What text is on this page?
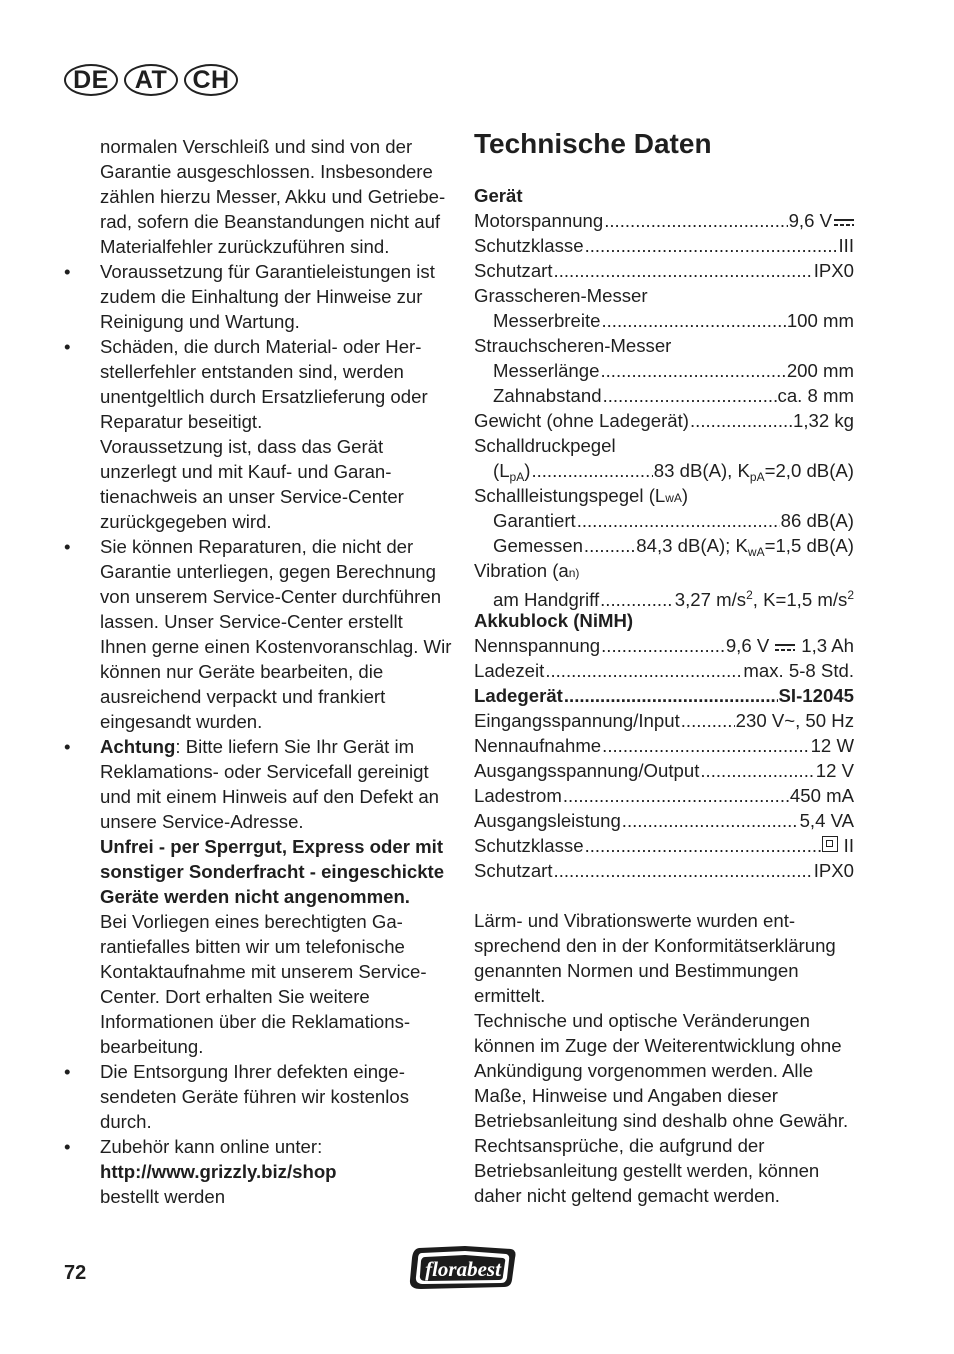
DE	AT	CH

normalen Verschleiß und sind von der Garantie ausgeschlossen. Insbesondere zählen hierzu Messer, Akku und Getrieberad, sofern die Beanstandungen nicht auf Materialfehler zurückzuführen sind.

• Voraussetzung für Garantieleistungen ist zudem die Einhaltung der Hinweise zur Reinigung und Wartung.

• Schäden, die durch Material- oder Herstellerfehler entstanden sind, werden unentgeltlich durch Ersatzlieferung oder Reparatur beseitigt.

Voraussetzung ist, dass das Gerät unzerlegt und mit Kauf- und Garantienachweis an unser Service-Center zurückgegeben wird.

• Sie können Reparaturen, die nicht der Garantie unterliegen, gegen Berechnung von unserem Service-Center durchführen lassen. Unser Service-Center erstellt Ihnen gerne einen Kostenvoranschlag. Wir können nur Geräte bearbeiten, die ausreichend verpackt und frankiert eingesandt wurden.

• Achtung: Bitte liefern Sie Ihr Gerät im Reklamations- oder Servicefall gereinigt und mit einem Hinweis auf den Defekt an unsere Service-Adresse.

Unfrei - per Sperrgut, Express oder mit sonstiger Sonderfracht - eingeschickte Geräte werden nicht angenommen.

Bei Vorliegen eines berechtigten Garantiefalles bitten wir um telefonische Kontaktaufnahme mit unserem Service-Center. Dort erhalten Sie weitere Informationen über die Reklamationsbearbeitung.

• Die Entsorgung Ihrer defekten eingesendeten Geräte führen wir kostenlos durch.

• Zubehör kann online unter:

http://www.grizzly.biz/shop

bestellt werden

Technische Daten
Gerät
Motorspannung .....	9,6 V
Schutzklasse .....	III
Schutzart .....	IPX0
Grasscheren-Messer
Messerbreite .....	100 mm
Strauchscheren-Messer
Messerlänge .....	200 mm
Zahnabstand .....	ca. 8 mm
Gewicht (ohne Ladegerät) .....	1,32 kg
Schalldruckpegel
$(L_{pA})$ .....	83 dB(A), $K_{pA}=2,0$ dB(A)
Schallleistungspegel (L wA )
Garantiert .....	86 dB(A)
Gemessen .....	84,3 dB(A); $K_{wA}=1,5$ dB(A)
Vibration (a n)
am Handgriff .....	3,27 $m/s^2$, K=1,5 $m/s^2$
Akkublock (NiMH)
Nennspannung .....	9,6 V 1,3 Ah
Ladezeit .....	max. 5-8 Std.
Ladegerät .....	SI-12045
Eingangsspannung/Input .....	230 V~, 50 Hz
Nennaufnahme .....	12 W
Ausgangsspannung/Output .....	12 V
Ladestrom .....	450 mA
Ausgangsleistung .....	5,4 VA
Schutzklasse .....	II
Schutzart .....	IPX0

Lärm- und Vibrationswerte wurden entsprechend den in der Konformitätserklärung genannten Normen und Bestimmungen ermittelt.

Technische und optische Veränderungen können im Zuge der Weiterentwicklung ohne Ankündigung vorgenommen werden. Alle Maße, Hinweise und Angaben dieser Betriebsanleitung sind deshalb ohne Gewähr. Rechtsansprüche, die aufgrund der Betriebsanleitung gestellt werden, können daher nicht geltend gemacht werden.

72	florabest
